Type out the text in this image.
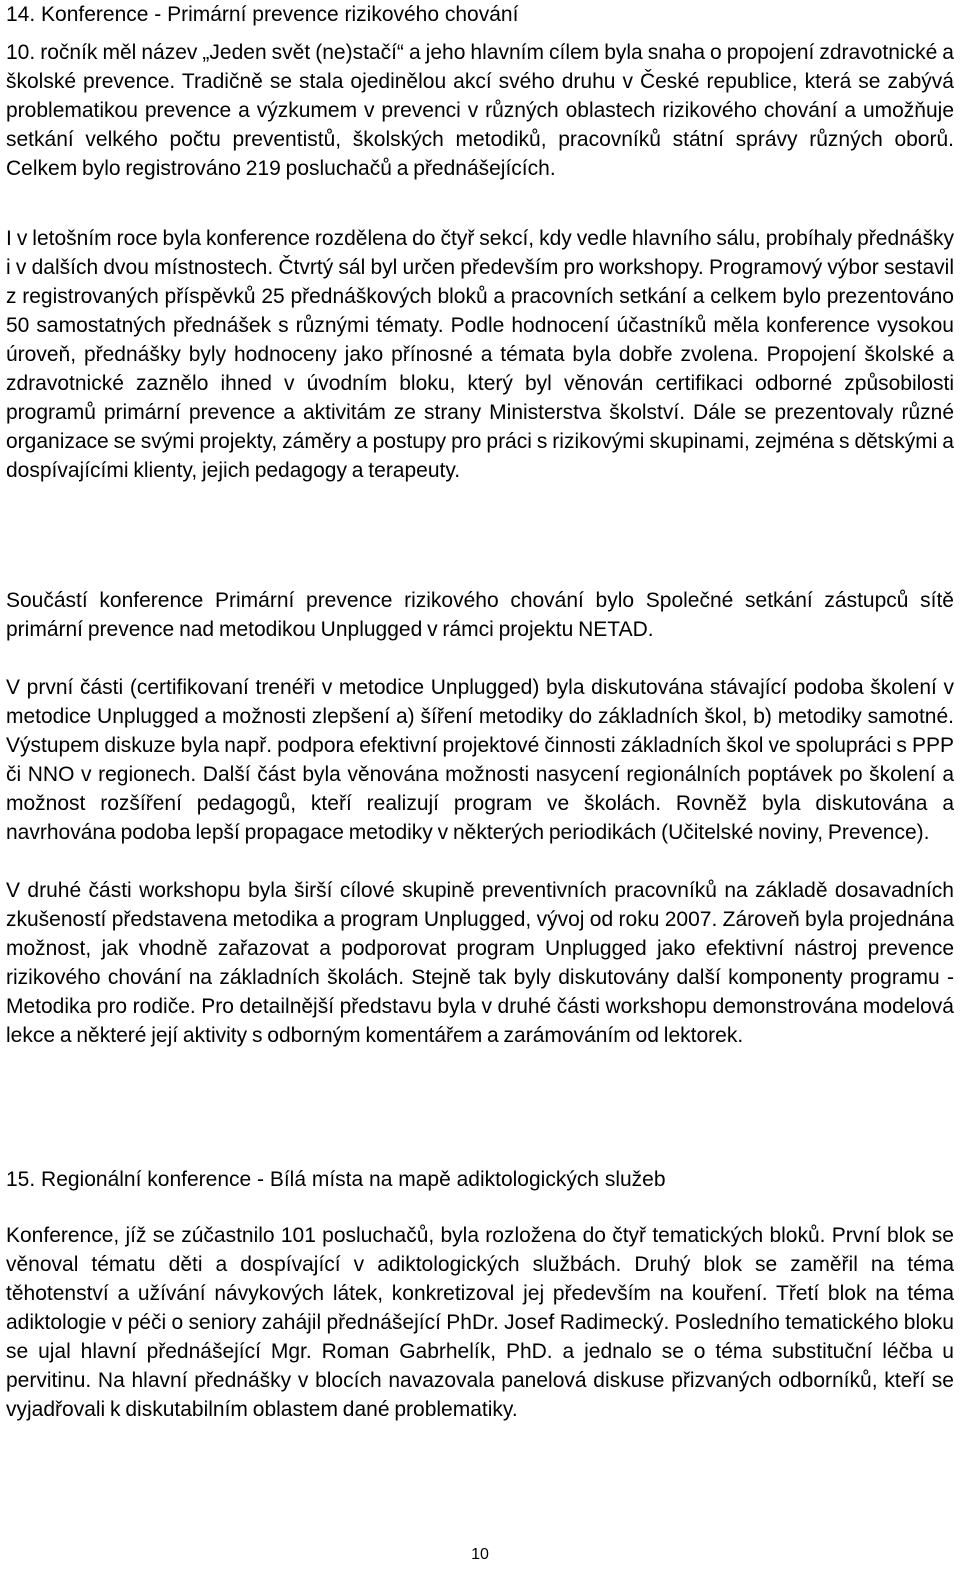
14. Konference - Primární prevence rizikového chování

10. ročník měl název „Jeden svět (ne)stačí“ a jeho hlavním cílem byla snaha o propojení zdravotnické a školské prevence. Tradičně se stala ojedinělou akcí svého druhu v České republice, která se zabývá problematikou prevence a výzkumem v prevenci v různých oblastech rizikového chování a umožňuje setkání velkého počtu preventistů, školských metodiků, pracovníků státní správy různých oborů. Celkem bylo registrováno 219 posluchačů a přednášejících.

I v letošním roce byla konference rozdělena do čtyř sekcí, kdy vedle hlavního sálu, probíhaly přednášky i v dalších dvou místnostech. Čtvrtý sál byl určen především pro workshopy. Programový výbor sestavil z registrovaných příspěvků 25 přednáškových bloků a pracovních setkání a celkem bylo prezentováno 50 samostatných přednášek s různými tématy. Podle hodnocení účastníků měla konference vysokou úroveň, přednášky byly hodnoceny jako přínosné a témata byla dobře zvolena. Propojení školské a zdravotnické zaznělo ihned v úvodním bloku, který byl věnován certifikaci odborné způsobilosti programů primární prevence a aktivitám ze strany Ministerstva školství. Dále se prezentovaly různé organizace se svými projekty, záměry a postupy pro práci s rizikovými skupinami, zejména s dětskými a dospívajícími klienty, jejich pedagogy a terapeuty.

Součástí konference Primární prevence rizikového chování bylo Společné setkání zástupců sítě primární prevence nad metodikou Unplugged v rámci projektu NETAD.

V první části (certifikovaní trenéři v metodice Unplugged) byla diskutována stávající podoba školení v metodice Unplugged a možnosti zlepšení a) šíření metodiky do základních škol, b) metodiky samotné. Výstupem diskuze byla např. podpora efektivní projektové činnosti základních škol ve spolupráci s PPP či NNO v regionech. Další část byla věnována možnosti nasycení regionálních poptávek po školení a možnost rozšíření pedagogů, kteří realizují program ve školách. Rovněž byla diskutována a navrhována podoba lepší propagace metodiky v některých periodikách (Učitelské noviny, Prevence).

V druhé části workshopu byla širší cílové skupině preventivních pracovníků na základě dosavadních zkušeností představena metodika a program Unplugged, vývoj od roku 2007. Zároveň byla projednána možnost, jak vhodně zařazovat a podporovat program Unplugged jako efektivní nástroj prevence rizikového chování na základních školách. Stejně tak byly diskutovány další komponenty programu - Metodika pro rodiče. Pro detailnější představu byla v druhé části workshopu demonstrována modelová lekce a některé její aktivity s odborným komentářem a zarámováním od lektorek.

15. Regionální konference - Bílá místa na mapě adiktologických služeb

Konference, jíž se zúčastnilo 101 posluchačů, byla rozložena do čtyř tematických bloků. První blok se věnoval tématu děti a dospívající v adiktologických službách. Druhý blok se zaměřil na téma těhotenství a užívání návykových látek, konkretizoval jej především na kouření. Třetí blok na téma adiktologie v péči o seniory zahájil přednášející PhDr. Josef Radimecký. Posledního tematického bloku se ujal hlavní přednášející Mgr. Roman Gabrhelík, PhD. a jednalo se o téma substituční léčba u pervitinu. Na hlavní přednášky v blocích navazovala panelová diskuse přizvaných odborníků, kteří se vyjadřovali k diskutabilním oblastem dané problematiky.

10
